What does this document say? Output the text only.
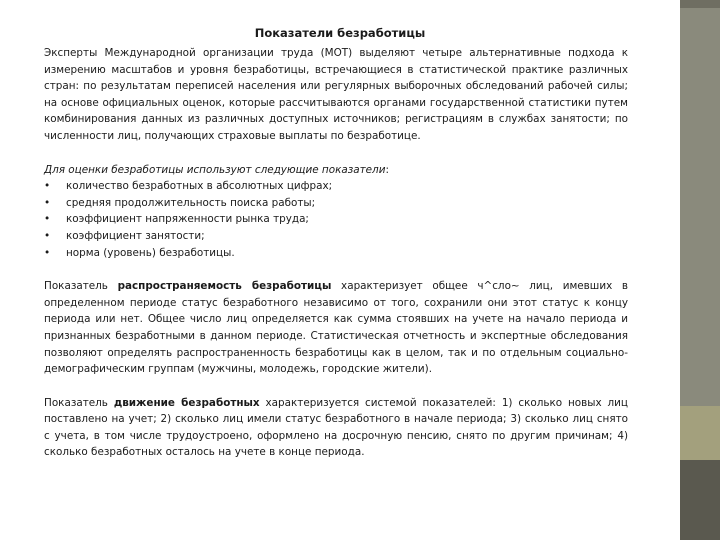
Показатели безработицы

Эксперты Международной организации труда (МОТ) выделяют четыре альтернативные подхода к измерению масштабов и уровня безработицы, встречающиеся в статистической практике различных стран: по результатам переписей населения или регулярных выборочных обследований рабочей силы; на основе официальных оценок, которые рассчитываются органами государственной статистики путем комбинирования данных из различных доступных источников; регистрациям в службах занятости; по численности лиц, получающих страховые выплаты по безработице.

Для оценки безработицы используют следующие показатели:

• количество безработных в абсолютных цифрах;
• средняя продолжительность поиска работы;
• коэффициент напряженности рынка труда;
• коэффициент занятости;
• норма (уровень) безработицы.

Показатель распространяемость безработицы характеризует общее ч^сло~ лиц, имевших в определенном периоде статус безработного независимо от того, сохранили они этот статус к концу периода или нет. Общее число лиц определяется как сумма стоявших на учете на начало периода и признанных безработными в данном периоде. Статистическая отчетность и экспертные обследования позволяют определять распространенность безработицы как в целом, так и по отдельным социально-демографическим группам (мужчины, молодежь, городские жители).

Показатель движение безработных характеризуется системой показателей: 1) сколько новых лиц поставлено на учет; 2) сколько лиц имели статус безработного в начале периода; 3) сколько лиц снято с учета, в том числе трудоустроено, оформлено на досрочную пенсию, снято по другим причинам; 4) сколько безработных осталось на учете в конце периода.
